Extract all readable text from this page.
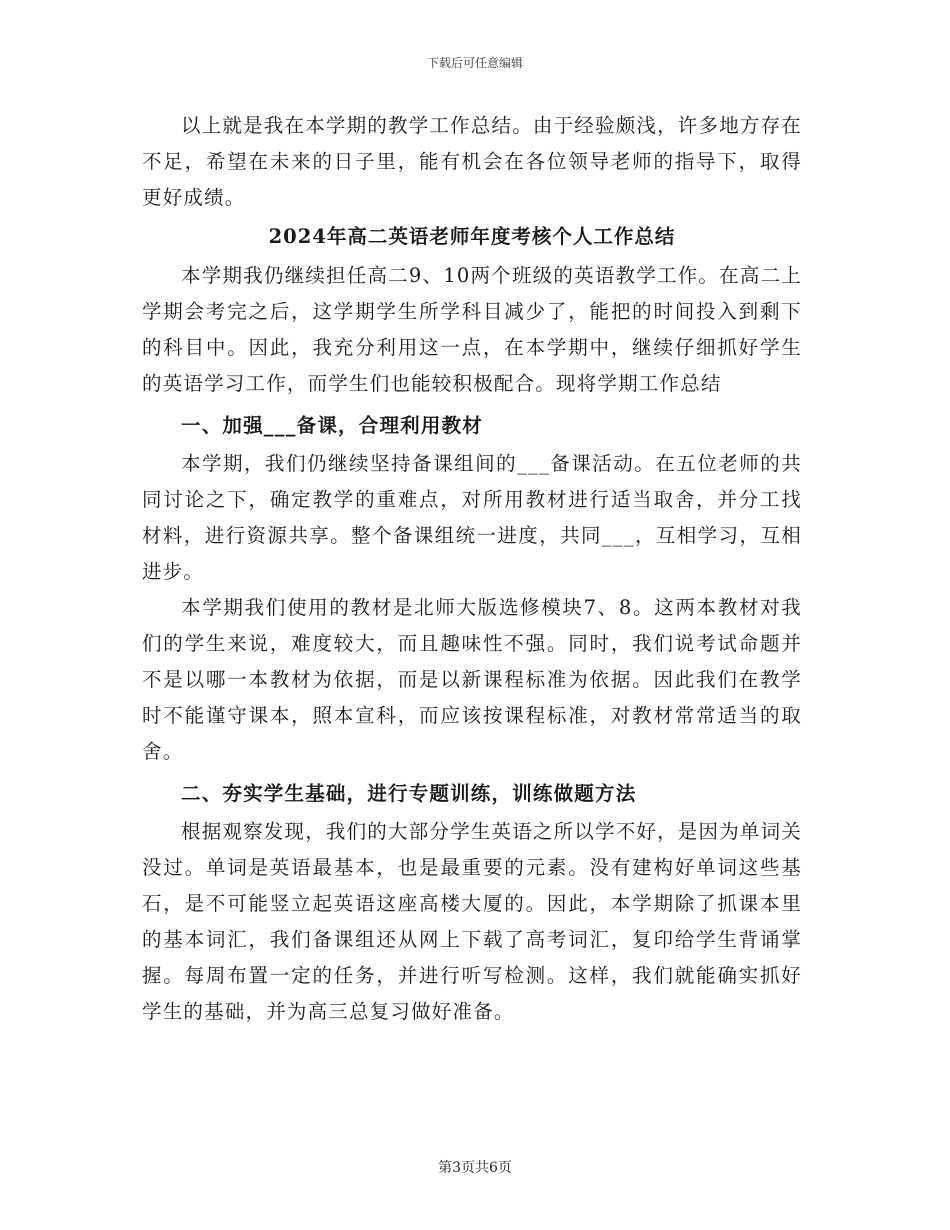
下载后可任意编辑

以上就是我在本学期的教学工作总结。由于经验颇浅，许多地方存在不足，希望在未来的日子里，能有机会在各位领导老师的指导下，取得更好成绩。

2024年高二英语老师年度考核个人工作总结

本学期我仍继续担任高二9、10两个班级的英语教学工作。在高二上学期会考完之后，这学期学生所学科目减少了，能把的时间投入到剩下的科目中。因此，我充分利用这一点，在本学期中，继续仔细抓好学生的英语学习工作，而学生们也能较积极配合。现将学期工作总结

一、加强___备课，合理利用教材

本学期，我们仍继续坚持备课组间的___备课活动。在五位老师的共同讨论之下，确定教学的重难点，对所用教材进行适当取舍，并分工找材料，进行资源共享。整个备课组统一进度，共同___，互相学习，互相进步。

本学期我们使用的教材是北师大版选修模块7、8。这两本教材对我们的学生来说，难度较大，而且趣味性不强。同时，我们说考试命题并不是以哪一本教材为依据，而是以新课程标准为依据。因此我们在教学时不能谨守课本，照本宣科，而应该按课程标准，对教材常常适当的取舍。

二、夯实学生基础，进行专题训练，训练做题方法

根据观察发现，我们的大部分学生英语之所以学不好，是因为单词关没过。单词是英语最基本，也是最重要的元素。没有建构好单词这些基石，是不可能竖立起英语这座高楼大厦的。因此，本学期除了抓课本里的基本词汇，我们备课组还从网上下载了高考词汇，复印给学生背诵掌握。每周布置一定的任务，并进行听写检测。这样，我们就能确实抓好学生的基础，并为高三总复习做好准备。

第3页共6页
